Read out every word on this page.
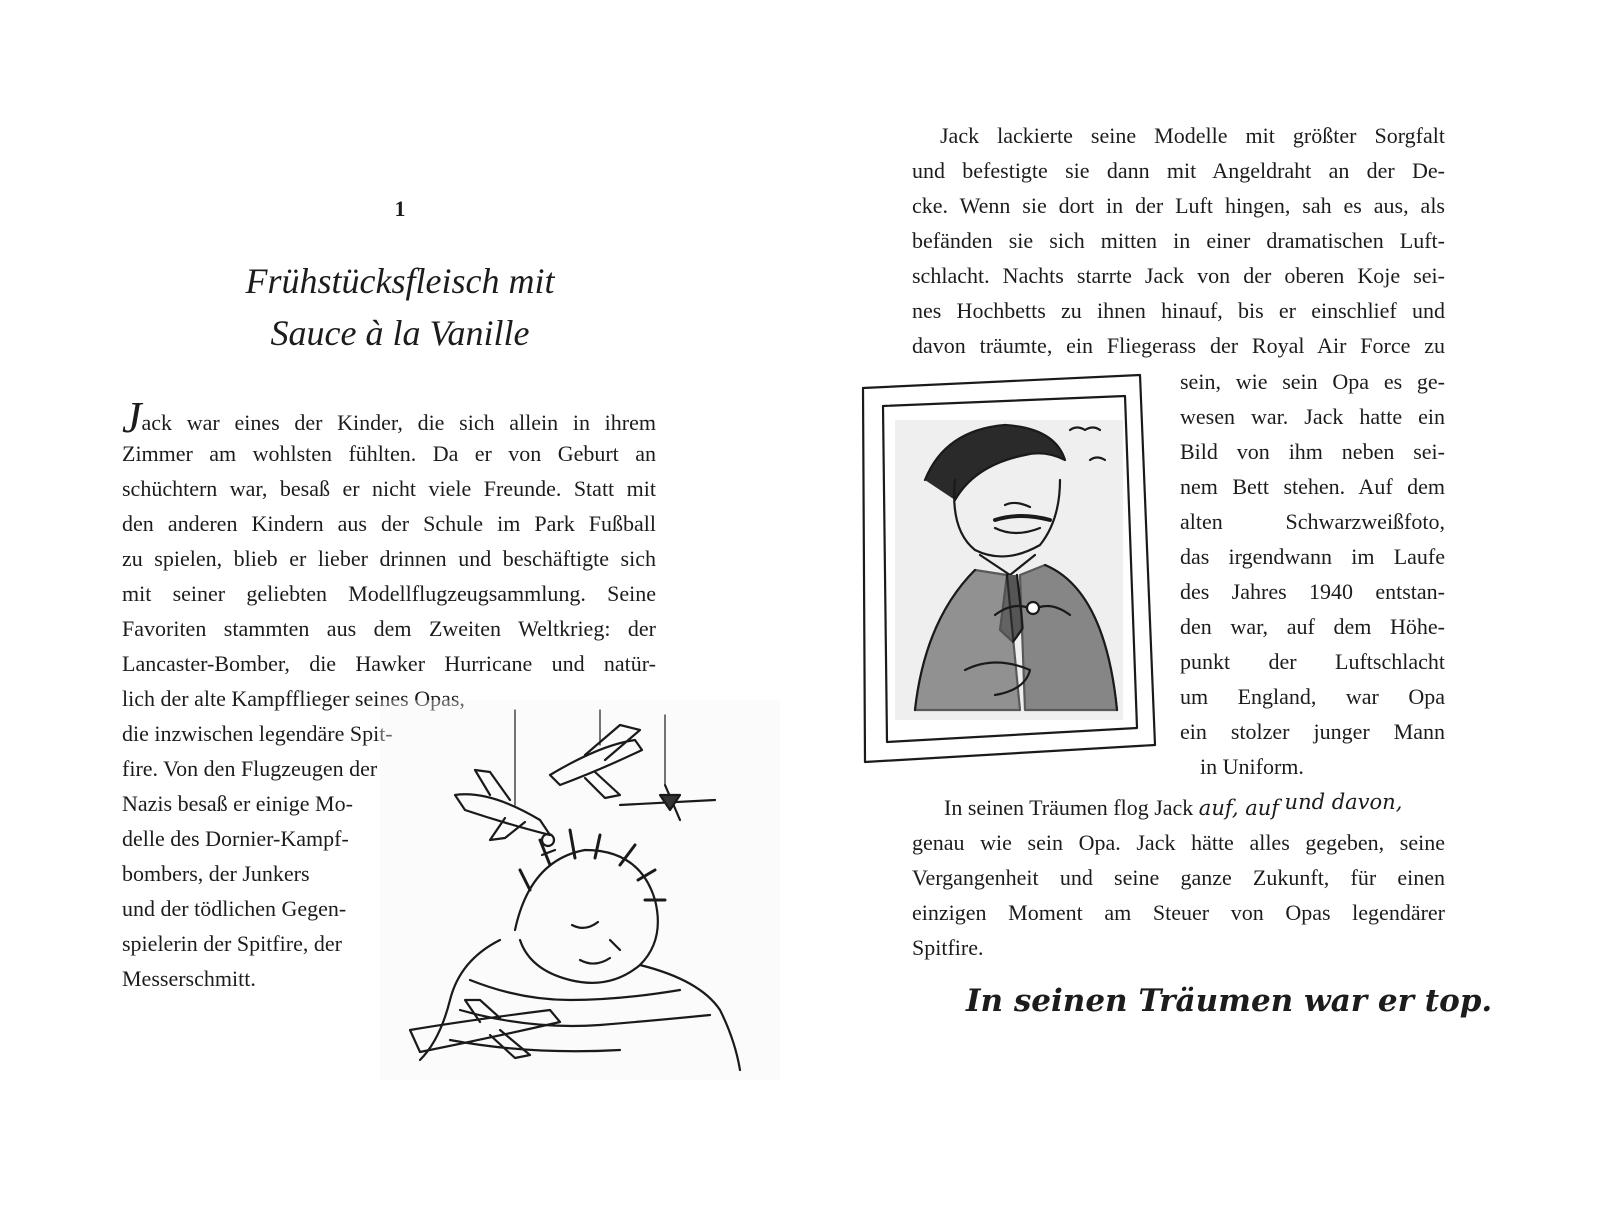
1
Frühstücksfleisch mit
Sauce à la Vanille
Jack war eines der Kinder, die sich allein in ihrem
Zimmer am wohlsten fühlten. Da er von Geburt an
schüchtern war, besaß er nicht viele Freunde. Statt mit
den anderen Kindern aus der Schule im Park Fußball
zu spielen, blieb er lieber drinnen und beschäftigte sich
mit seiner geliebten Modellflugzeugsammlung. Seine
Favoriten stammten aus dem Zweiten Weltkrieg: der
Lancaster-Bomber, die Hawker Hurricane und natür-
lich der alte Kampfflieger seines Opas,
die inzwischen legendäre Spit-
fire. Von den Flugzeugen der
Nazis besaß er einige Mo-
delle des Dornier-Kampf-
bombers, der Junkers
und der tödlichen Gegen-
spielerin der Spitfire, der
Messerschmitt.
Jack lackierte seine Modelle mit größter Sorgfalt
und befestigte sie dann mit Angeldraht an der De-
cke. Wenn sie dort in der Luft hingen, sah es aus, als
befänden sie sich mitten in einer dramatischen Luft-
schlacht. Nachts starrte Jack von der oberen Koje sei-
nes Hochbetts zu ihnen hinauf, bis er einschlief und
davon träumte, ein Fliegerass der Royal Air Force zu
sein, wie sein Opa es ge-
wesen war. Jack hatte ein
Bild von ihm neben sei-
nem Bett stehen. Auf dem
alten Schwarzweißfoto,
das irgendwann im Laufe
des Jahres 1940 entstan-
den war, auf dem Höhe-
punkt der Luftschlacht
um England, war Opa
ein stolzer junger Mann
in Uniform.
In seinen Träumen flog Jack auf, auf und davon,
genau wie sein Opa. Jack hätte alles gegeben, seine
Vergangenheit und seine ganze Zukunft, für einen
einzigen Moment am Steuer von Opas legendärer
Spitfire.
In seinen Träumen war er top.
